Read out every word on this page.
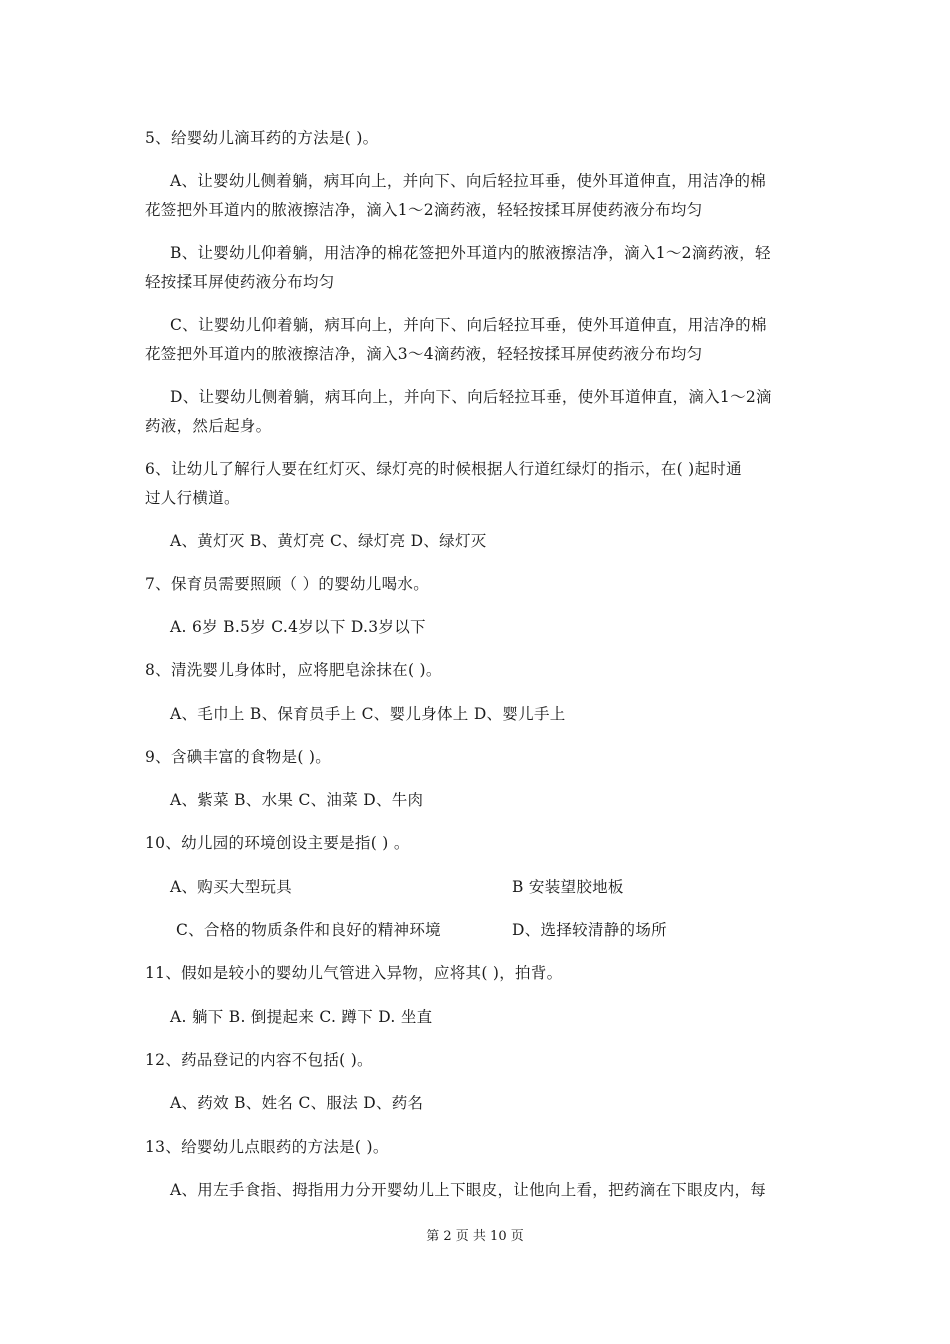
5、给婴幼儿滴耳药的方法是( )。
A、让婴幼儿侧着躺，病耳向上，并向下、向后轻拉耳垂，使外耳道伸直，用洁净的棉
花签把外耳道内的脓液擦洁净，滴入1～2滴药液，轻轻按揉耳屏使药液分布均匀
B、让婴幼儿仰着躺，用洁净的棉花签把外耳道内的脓液擦洁净，滴入1～2滴药液，轻
轻按揉耳屏使药液分布均匀
C、让婴幼儿仰着躺，病耳向上，并向下、向后轻拉耳垂，使外耳道伸直，用洁净的棉
花签把外耳道内的脓液擦洁净，滴入3～4滴药液，轻轻按揉耳屏使药液分布均匀
D、让婴幼儿侧着躺，病耳向上，并向下、向后轻拉耳垂，使外耳道伸直，滴入1～2滴
药液，然后起身。
6、让幼儿了解行人要在红灯灭、绿灯亮的时候根据人行道红绿灯的指示，在( )起时通
过人行横道。
A、黄灯灭 B、黄灯亮 C、绿灯亮 D、绿灯灭
7、保育员需要照顾（ ）的婴幼儿喝水。
A. 6岁 B.5岁 C.4岁以下 D.3岁以下
8、清洗婴儿身体时，应将肥皂涂抹在( )。
A、毛巾上 B、保育员手上 C、婴儿身体上 D、婴儿手上
9、含碘丰富的食物是( )。
A、紫菜 B、水果 C、油菜 D、牛肉
10、幼儿园的环境创设主要是指( ) 。
A、购买大型玩具	B 安装望胶地板
C、合格的物质条件和良好的精神环境	D、选择较清静的场所
11、假如是较小的婴幼儿气管进入异物，应将其( )，拍背。
A. 躺下 B. 倒提起来 C. 蹲下 D. 坐直
12、药品登记的内容不包括( )。
A、药效 B、姓名 C、服法 D、药名
13、给婴幼儿点眼药的方法是( )。
A、用左手食指、拇指用力分开婴幼儿上下眼皮，让他向上看，把药滴在下眼皮内，每
第 2 页 共 10 页
